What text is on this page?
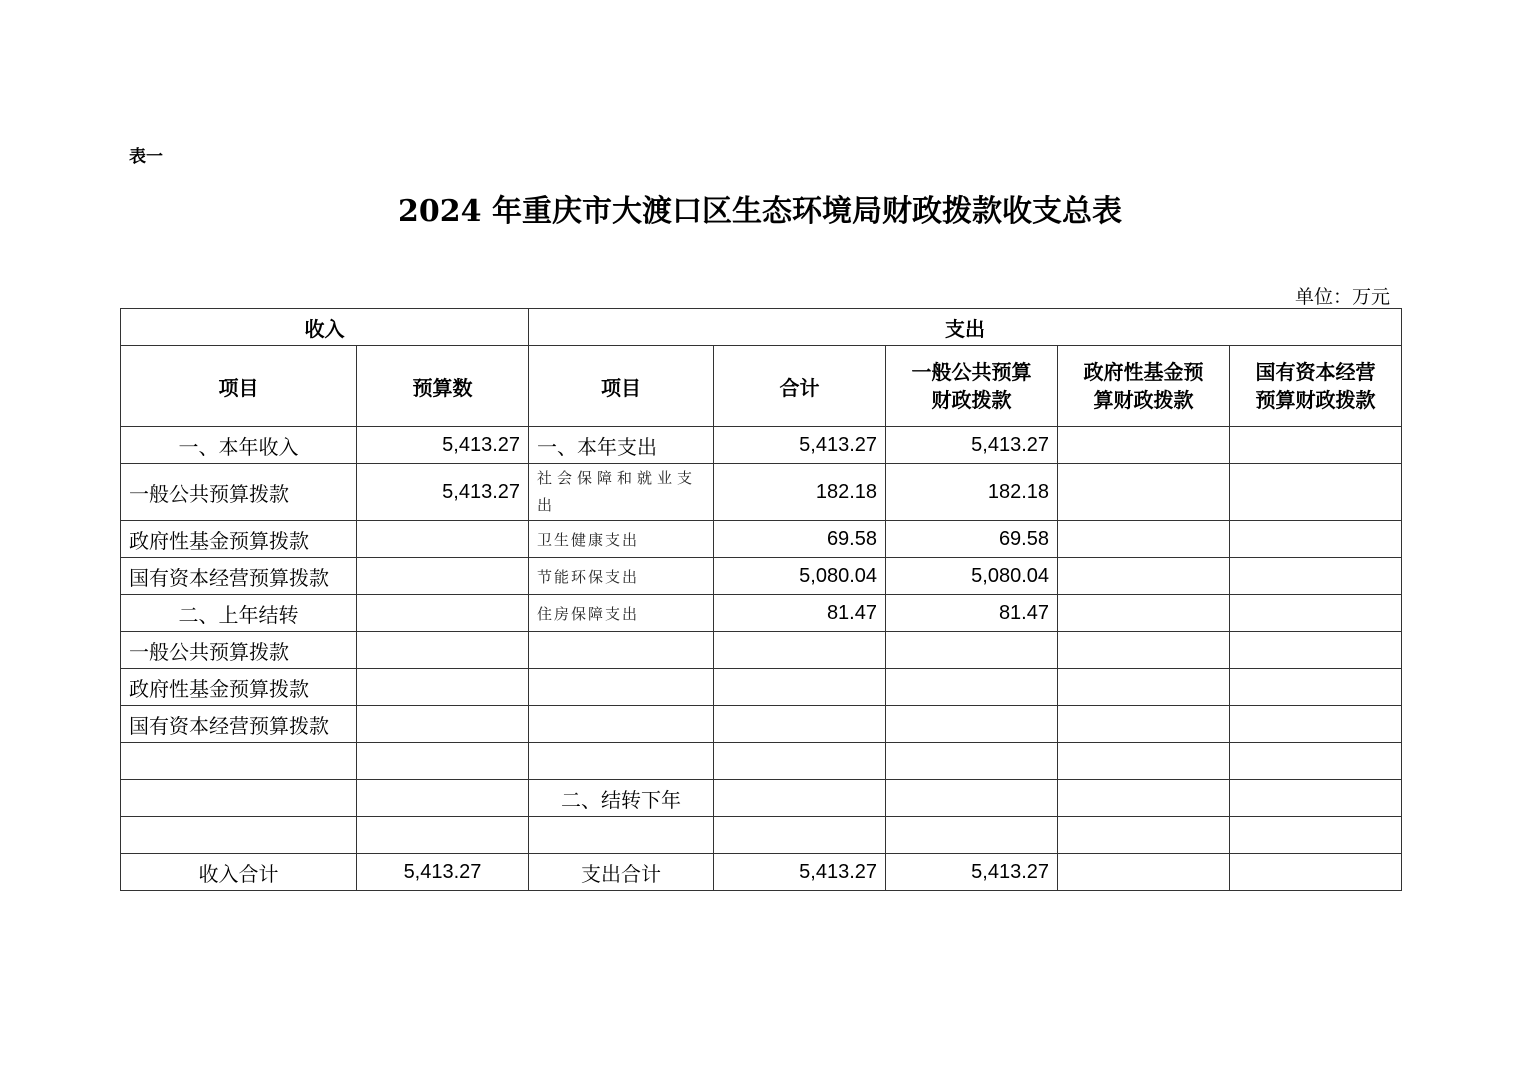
表一
2024 年重庆市大渡口区生态环境局财政拨款收支总表
单位：万元
收入		支出				
项目	预算数	项目	合计	一般公共预算财政拨款	政府性基金预算财政拨款	国有资本经营预算财政拨款
一、本年收入	5,413.27	一、本年支出	5,413.27	5,413.27		
一般公共预算拨款	5,413.27	社会保障和就业支出	182.18	182.18		
政府性基金预算拨款		卫生健康支出	69.58	69.58		
国有资本经营预算拨款		节能环保支出	5,080.04	5,080.04		
二、上年结转		住房保障支出	81.47	81.47		
一般公共预算拨款						
政府性基金预算拨款						
国有资本经营预算拨款						

		二、结转下年				

收入合计	5,413.27	支出合计	5,413.27	5,413.27		
